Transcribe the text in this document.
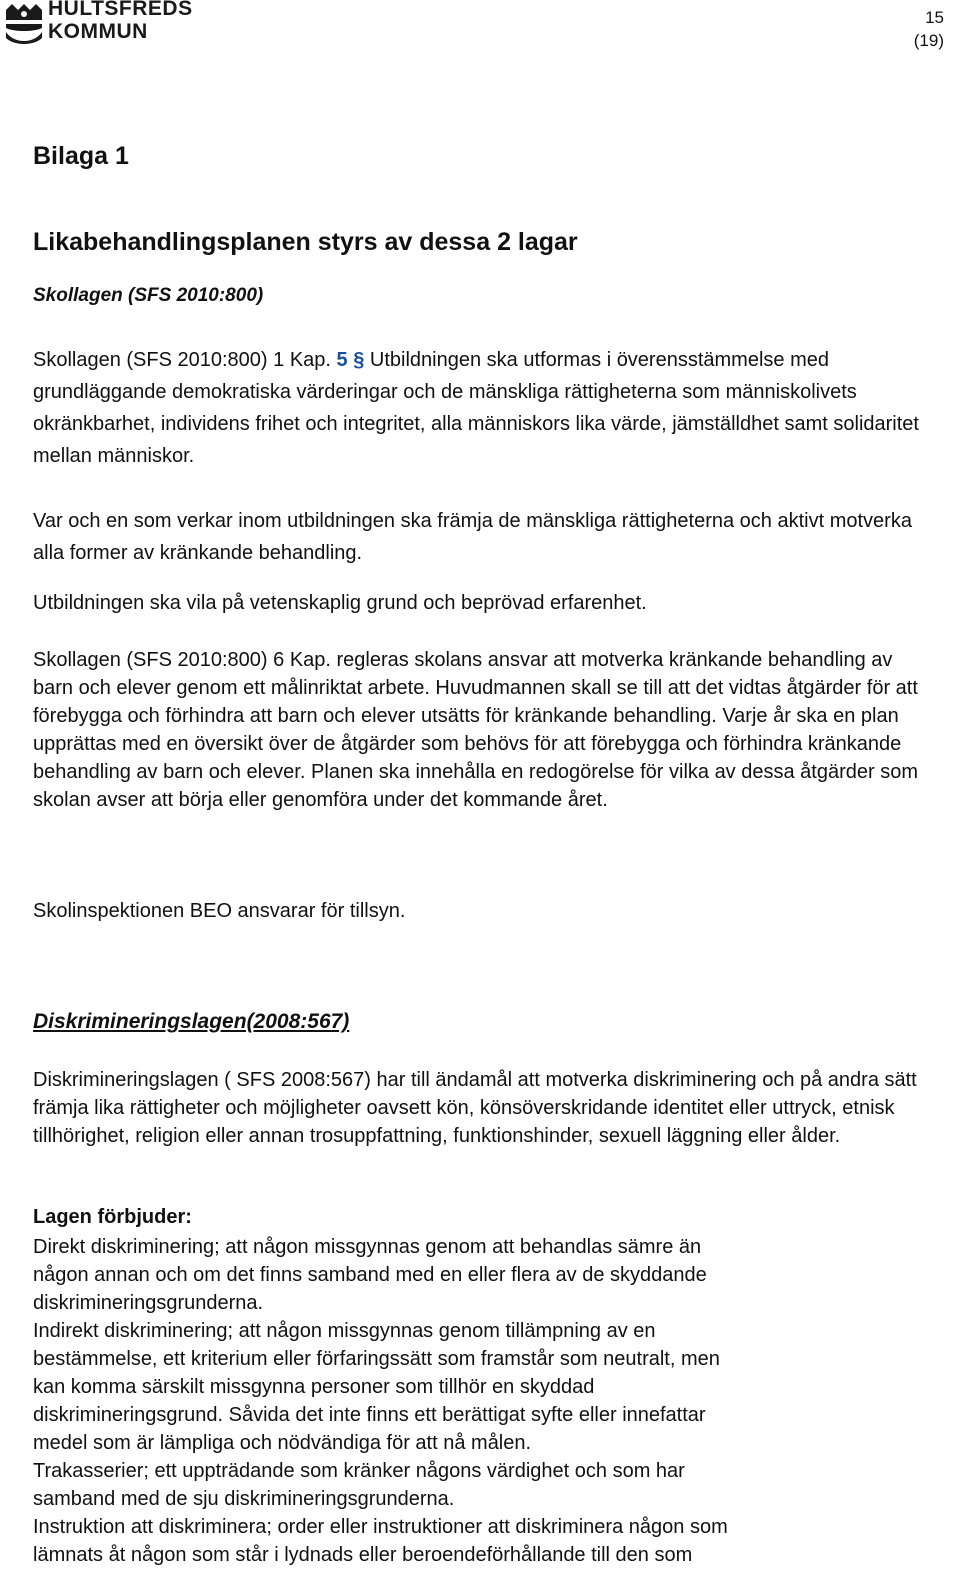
HULTSFREDS
KOMMUN
15
(19)
Bilaga 1
Likabehandlingsplanen styrs av dessa 2 lagar
Skollagen (SFS 2010:800)

Skollagen (SFS 2010:800) 1 Kap. 5 § Utbildningen ska utformas i överensstämmelse med grundläggande demokratiska värderingar och de mänskliga rättigheterna som människolivets okränkbarhet, individens frihet och integritet, alla människors lika värde, jämställdhet samt solidaritet mellan människor.

Var och en som verkar inom utbildningen ska främja de mänskliga rättigheterna och aktivt motverka alla former av kränkande behandling.

Utbildningen ska vila på vetenskaplig grund och beprövad erfarenhet.

Skollagen (SFS 2010:800) 6 Kap. regleras skolans ansvar att motverka kränkande behandling av barn och elever genom ett målinriktat arbete. Huvudmannen skall se till att det vidtas åtgärder för att förebygga och förhindra att barn och elever utsätts för kränkande behandling. Varje år ska en plan upprättas med en översikt över de åtgärder som behövs för att förebygga och förhindra kränkande behandling av barn och elever. Planen ska innehålla en redogörelse för vilka av dessa åtgärder som skolan avser att börja eller genomföra under det kommande året.

Skolinspektionen BEO ansvarar för tillsyn.

Diskrimineringslagen(2008:567)

Diskrimineringslagen ( SFS 2008:567) har till ändamål att motverka diskriminering och på andra sätt främja lika rättigheter och möjligheter oavsett kön, könsöverskridande identitet eller uttryck, etnisk tillhörighet, religion eller annan trosuppfattning, funktionshinder, sexuell läggning eller ålder.

Lagen förbjuder:
Direkt diskriminering; att någon missgynnas genom att behandlas sämre än
någon annan och om det finns samband med en eller flera av de skyddande
diskrimineringsgrunderna.
Indirekt diskriminering; att någon missgynnas genom tillämpning av en
bestämmelse, ett kriterium eller förfaringssätt som framstår som neutralt, men
kan komma särskilt missgynna personer som tillhör en skyddad
diskrimineringsgrund. Såvida det inte finns ett berättigat syfte eller innefattar
medel som är lämpliga och nödvändiga för att nå målen.
Trakasserier; ett uppträdande som kränker någons värdighet och som har
samband med de sju diskrimineringsgrunderna.
Instruktion att diskriminera; order eller instruktioner att diskriminera någon som
lämnats åt någon som står i lydnads eller beroendeförhållande till den som
